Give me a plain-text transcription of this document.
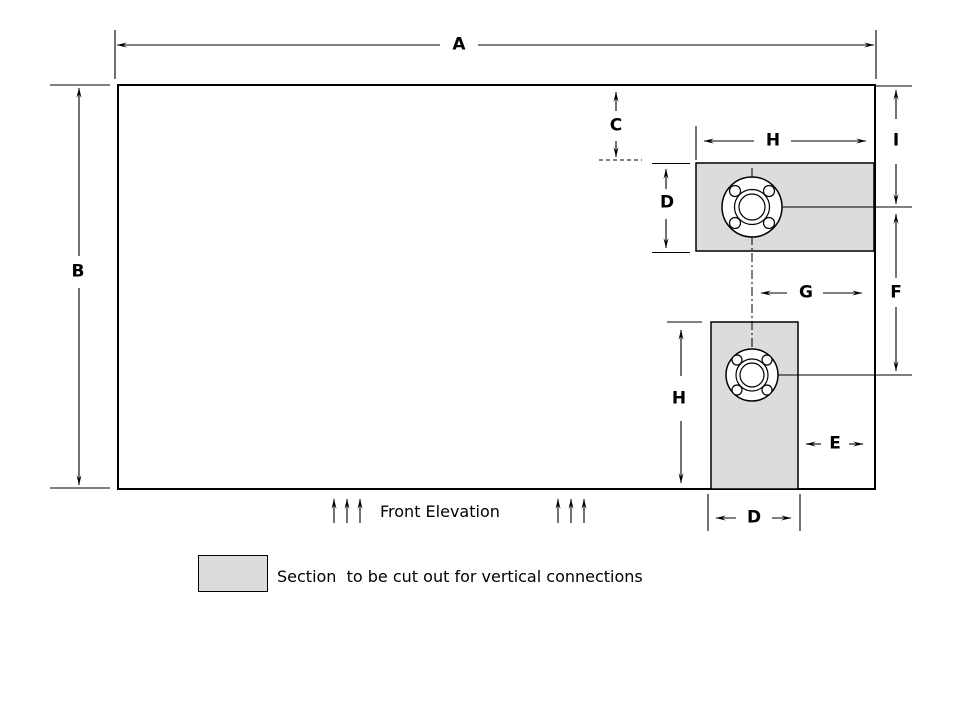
A
B
C
D
H	I
G	F
H
E
D
Front Elevation
Section  to be cut out for vertical connections
